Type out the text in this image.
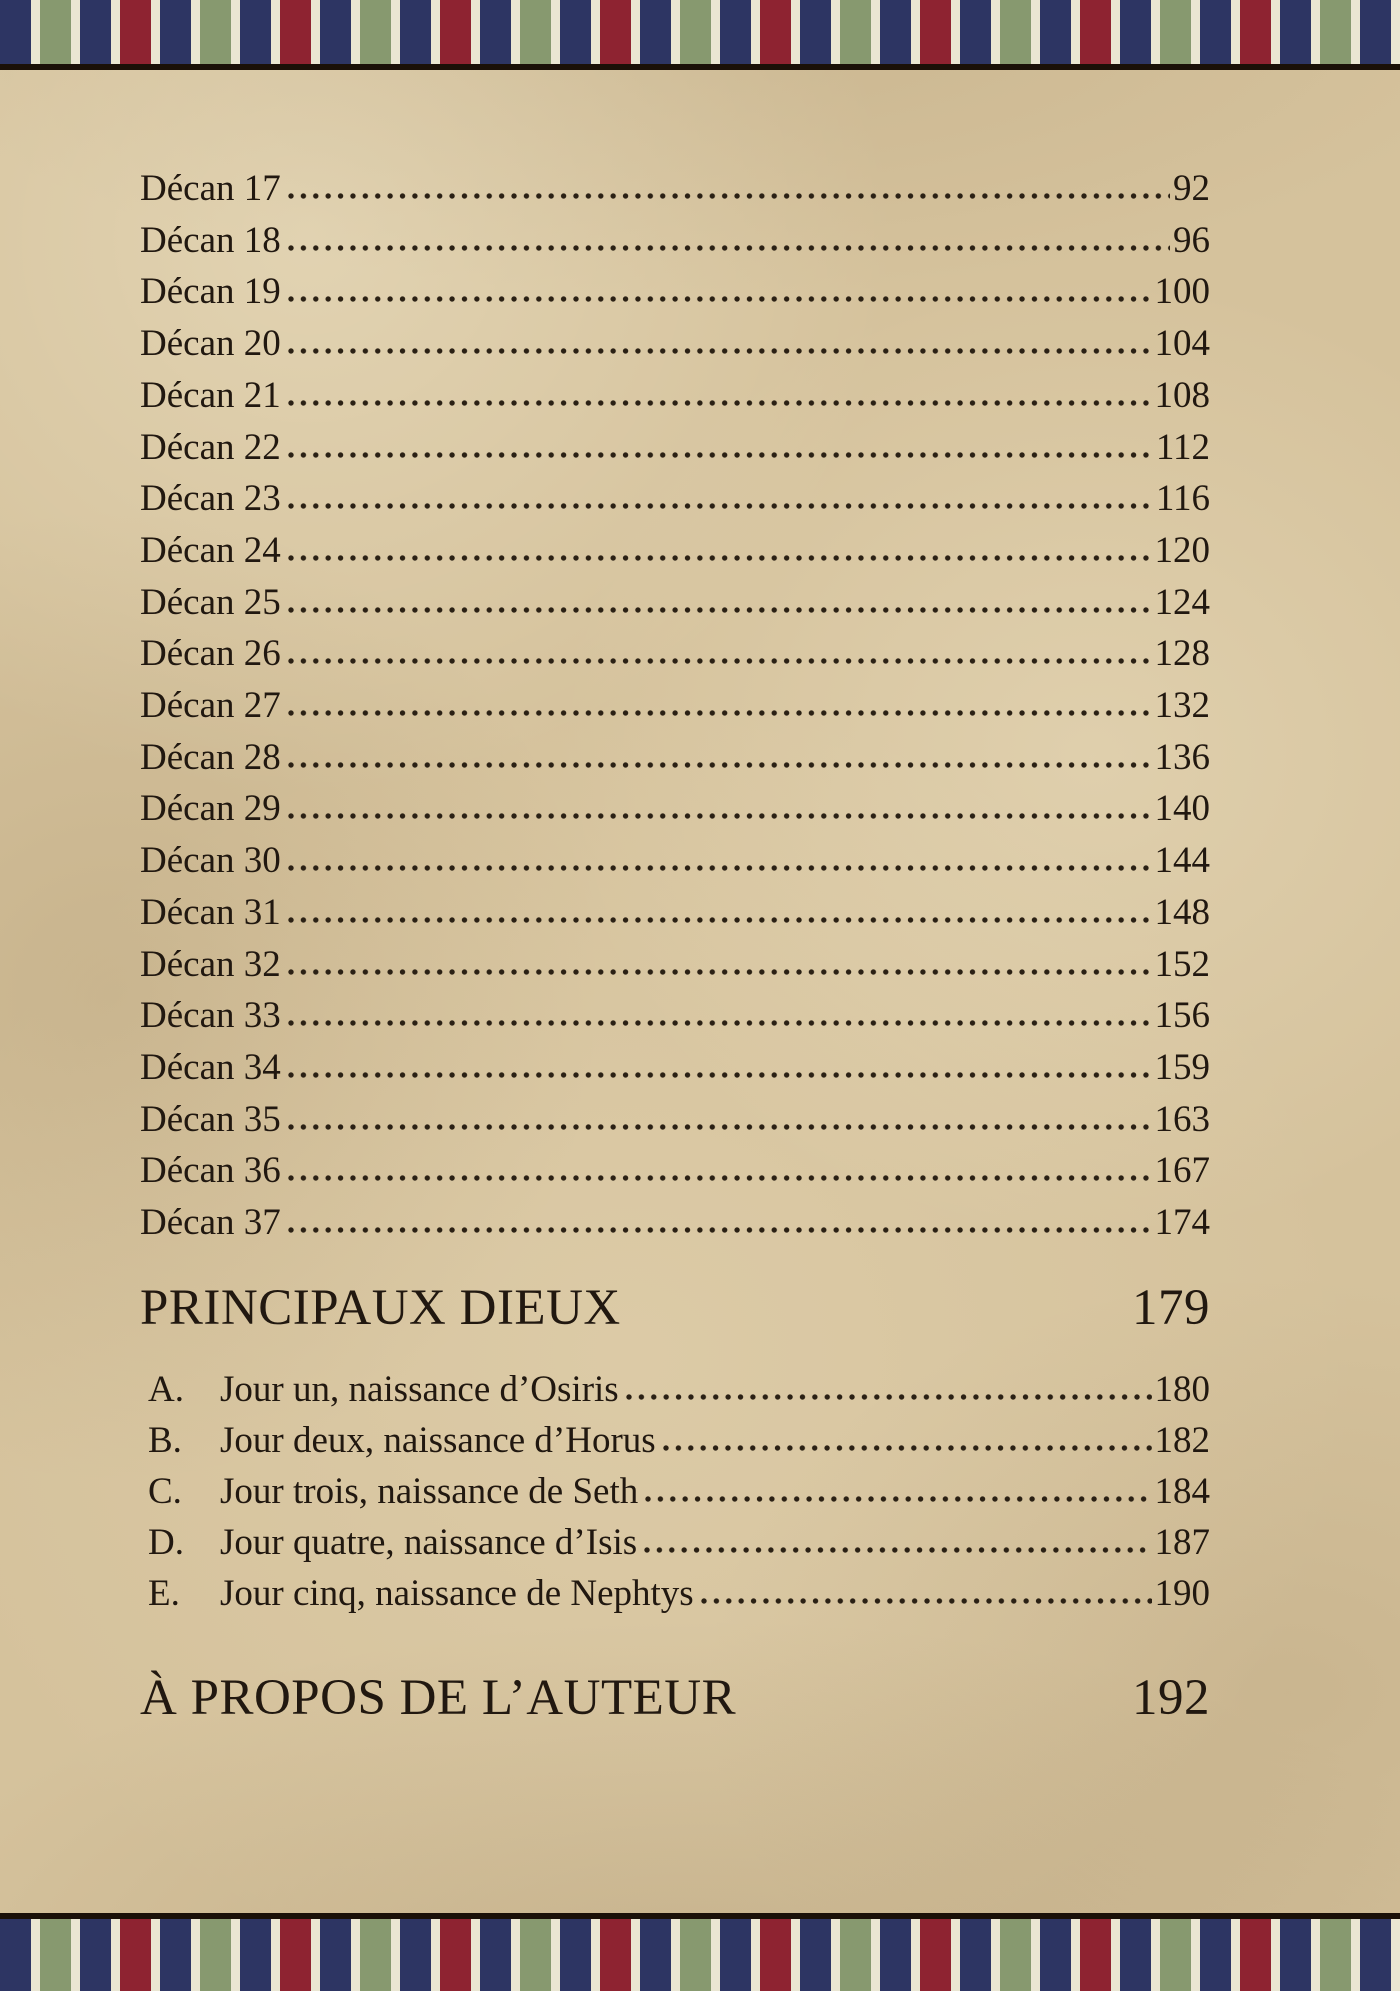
Décan 17	92
Décan 18	96
Décan 19	100
Décan 20	104
Décan 21	108
Décan 22	112
Décan 23	116
Décan 24	120
Décan 25	124
Décan 26	128
Décan 27	132
Décan 28	136
Décan 29	140
Décan 30	144
Décan 31	148
Décan 32	152
Décan 33	156
Décan 34	159
Décan 35	163
Décan 36	167
Décan 37	174
PRINCIPAUX DIEUX	179
A. Jour un, naissance d’Osiris	180
B.	Jour deux, naissance d’Horus	182
C.	Jour trois, naissance de Seth	184
D. Jour quatre, naissance d’Isis	187
E.	Jour cinq, naissance de Nephtys	190
À PROPOS DE L’AUTEUR	192
